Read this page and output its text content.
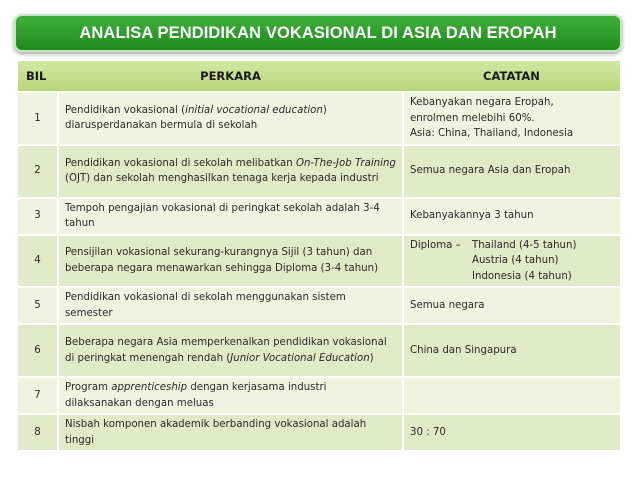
ANALISA PENDIDIKAN VOKASIONAL DI ASIA DAN EROPAH
BIL	PERKARA	CATATAN
1	Pendidikan vokasional (initial vocational education) diarusperdanakan bermula di sekolah	Kebanyakan negara Eropah,
enrolmen melebihi 60%.
Asia: China, Thailand, Indonesia

2	Pendidikan vokasional di sekolah melibatkan On-The-Job Training (OJT) dan sekolah menghasilkan tenaga kerja kepada industri	Semua negara Asia dan Eropah

3	Tempoh pengajian vokasional di peringkat sekolah adalah 3-4 tahun	Kebanyakannya 3 tahun

4	Pensijilan vokasional sekurang-kurangnya Sijil (3 tahun) dan beberapa negara menawarkan sehingga Diploma (3-4 tahun)	Diploma – Thailand (4-5 tahun)
Austria (4 tahun)
Indonesia (4 tahun)

5	Pendidikan vokasional di sekolah menggunakan sistem semester	Semua negara

6	Beberapa negara Asia memperkenalkan pendidikan vokasional di peringkat menengah rendah (Junior Vocational Education)	China dan Singapura

7	Program apprenticeship dengan kerjasama industri dilaksanakan dengan meluas	
8	Nisbah komponen akademik berbanding vokasional adalah tinggi	30 : 70
